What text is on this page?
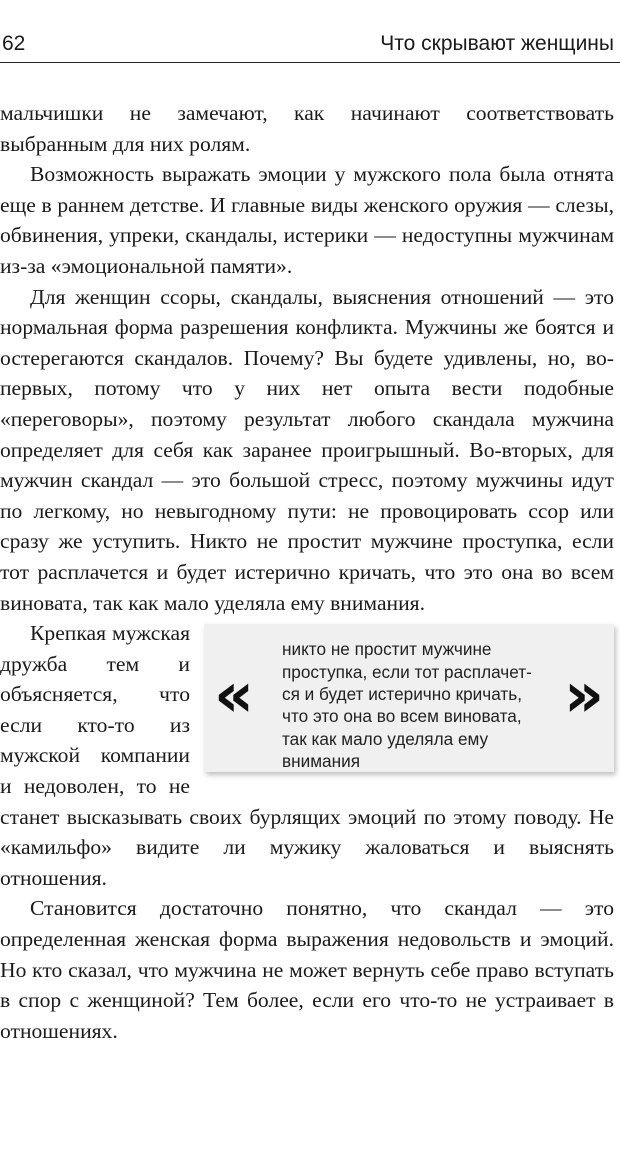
62	Что скрывают женщины

мальчишки не замечают, как начинают соответствовать выбранным для них ролям.

Возможность выражать эмоции у мужского пола была отнята еще в раннем детстве. И главные виды женского оружия — слезы, обвинения, упреки, скандалы, истерики — недоступны мужчинам из-за «эмоциональной памяти».

Для женщин ссоры, скандалы, выяснения отношений — это нормальная форма разрешения конфликта. Мужчины же боятся и остерегаются скандалов. Почему? Вы будете удивлены, но, во-первых, потому что у них нет опыта вести подобные «переговоры», поэтому результат любого скандала мужчина определяет для себя как заранее проигрышный. Во-вторых, для мужчин скандал — это большой стресс, поэтому мужчины идут по легкому, но невыгодному пути: не провоцировать ссор или сразу же уступить. Никто не простит мужчине проступка, если тот расплачется и будет истерично кричать, что это она во всем виновата, так как мало уделяла ему внимания.

«
никто не простит мужчине
проступка, если тот расплачет-
ся и будет истерично кричать,
что это она во всем виновата,
так как мало уделяла ему
внимания
»

Крепкая мужская дружба тем и объясняется, что если кто-то из мужской компании и недоволен, то не станет высказывать своих бурлящих эмоций по этому поводу. Не «камильфо» видите ли мужику жаловаться и выяснять отношения.

Становится достаточно понятно, что скандал — это определенная женская форма выражения недовольств и эмоций. Но кто сказал, что мужчина не может вернуть себе право вступать в спор с женщиной? Тем более, если его что-то не устраивает в отношениях.
